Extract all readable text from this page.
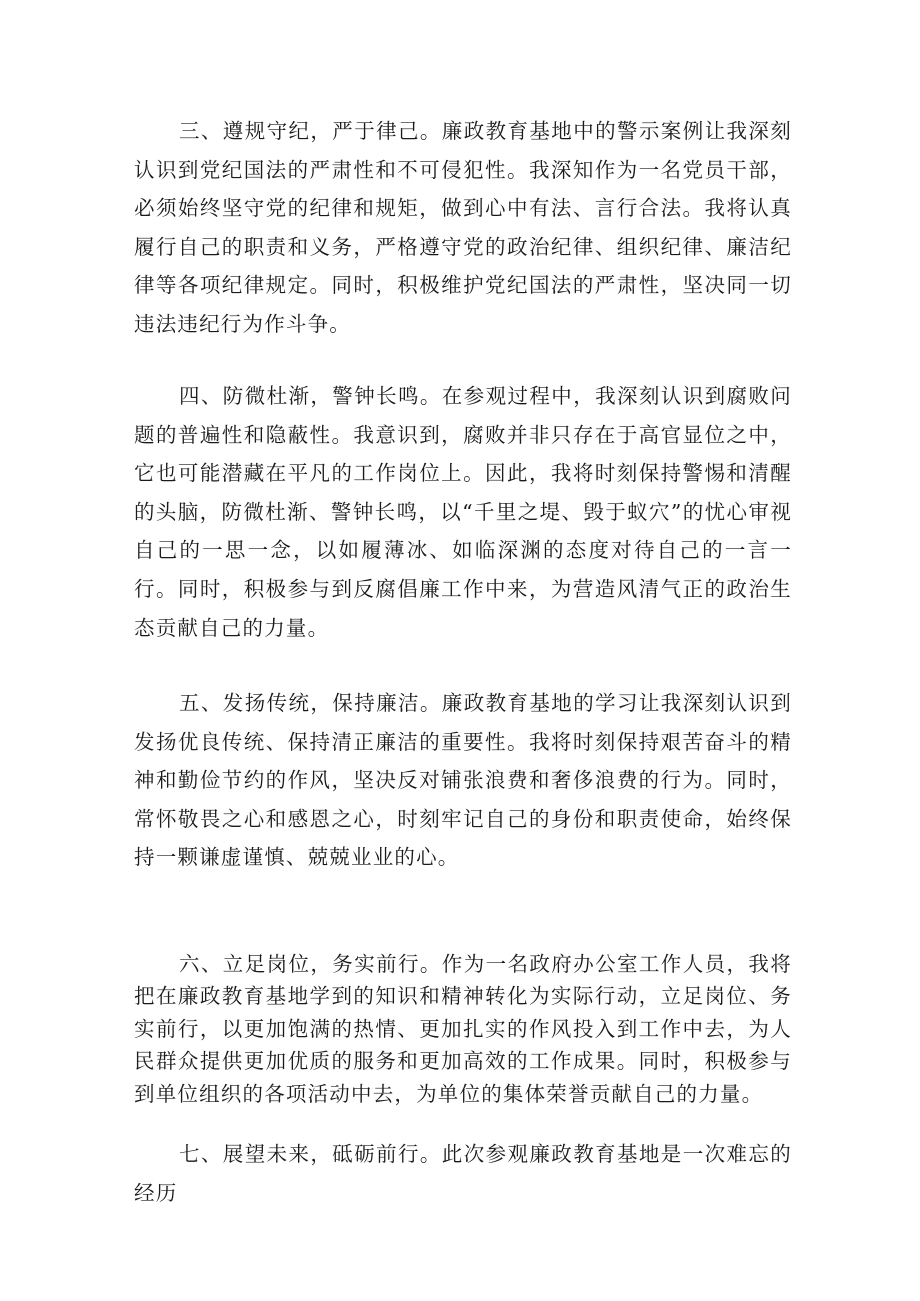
三、遵规守纪，严于律己。廉政教育基地中的警示案例让我深刻认识到党纪国法的严肃性和不可侵犯性。我深知作为一名党员干部，必须始终坚守党的纪律和规矩，做到心中有法、言行合法。我将认真履行自己的职责和义务，严格遵守党的政治纪律、组织纪律、廉洁纪律等各项纪律规定。同时，积极维护党纪国法的严肃性，坚决同一切违法违纪行为作斗争。

四、防微杜渐，警钟长鸣。在参观过程中，我深刻认识到腐败问题的普遍性和隐蔽性。我意识到，腐败并非只存在于高官显位之中，它也可能潜藏在平凡的工作岗位上。因此，我将时刻保持警惕和清醒的头脑，防微杜渐、警钟长鸣，以“千里之堤、毁于蚁穴”的忧心审视自己的一思一念，以如履薄冰、如临深渊的态度对待自己的一言一行。同时，积极参与到反腐倡廉工作中来，为营造风清气正的政治生态贡献自己的力量。

五、发扬传统，保持廉洁。廉政教育基地的学习让我深刻认识到发扬优良传统、保持清正廉洁的重要性。我将时刻保持艰苦奋斗的精神和勤俭节约的作风，坚决反对铺张浪费和奢侈浪费的行为。同时，常怀敬畏之心和感恩之心，时刻牢记自己的身份和职责使命，始终保持一颗谦虚谨慎、兢兢业业的心。

六、立足岗位，务实前行。作为一名政府办公室工作人员，我将把在廉政教育基地学到的知识和精神转化为实际行动，立足岗位、务实前行，以更加饱满的热情、更加扎实的作风投入到工作中去，为人民群众提供更加优质的服务和更加高效的工作成果。同时，积极参与到单位组织的各项活动中去，为单位的集体荣誉贡献自己的力量。

七、展望未来，砥砺前行。此次参观廉政教育基地是一次难忘的经历
